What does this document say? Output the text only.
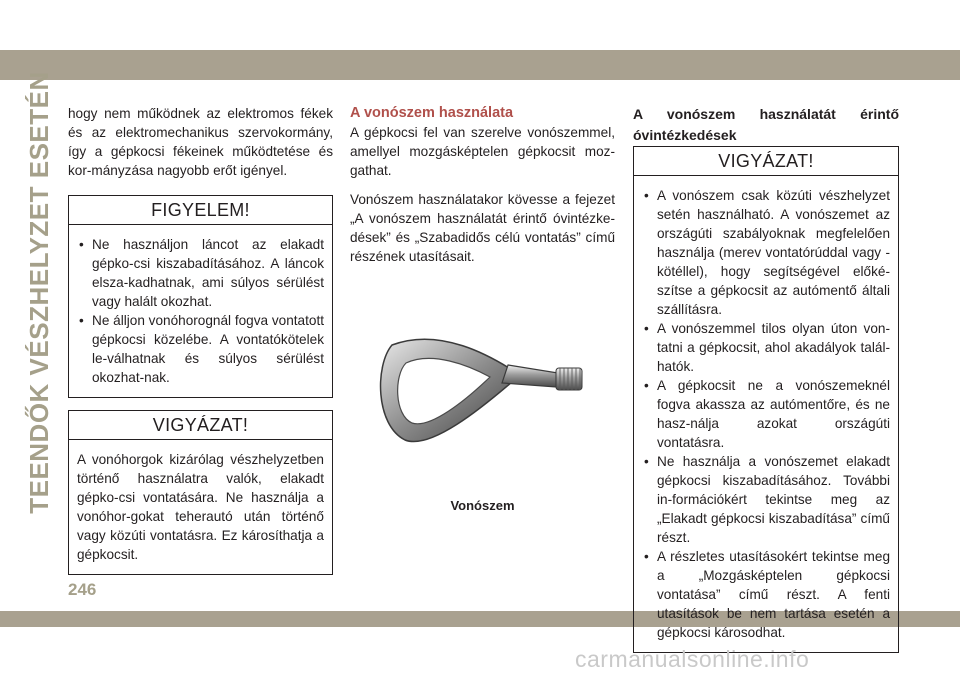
TEENDŐK VÉSZHELYZET ESETÉN
246

hogy nem működnek az elektromos fékek és az elektromechanikus szervokormány, így a gépkocsi fékeinek működtetése és kor-mányzása nagyobb erőt igényel.

FIGYELEM!
• Ne használjon láncot az elakadt gépko-csi kiszabadításához. A láncok elsza-kadhatnak, ami súlyos sérülést vagy halált okozhat.
• Ne álljon vonóhorognál fogva vontatott gépkocsi közelébe. A vontatókötelek le-válhatnak és súlyos sérülést okozhat-nak.
VIGYÁZAT!

A vonóhorgok kizárólag vészhelyzetben történő használatra valók, elakadt gépko-csi vontatására. Ne használja a vonóhor-gokat teherautó után történő vagy közúti vontatásra. Ez károsíthatja a gépkocsit.

A vonószem használata

A gépkocsi fel van szerelve vonószemmel, amellyel mozgásképtelen gépkocsit moz-gathat.

Vonószem használatakor kövesse a fejezet „A vonószem használatát érintő óvintézke-dések” és „Szabadidős célú vontatás” című részének utasításait.

Vonószem

A vonószem használatát érintő

óvintézkedések

VIGYÁZAT!
• A vonószem csak közúti vészhelyzet setén használható. A vonószemet az országúti szabályoknak megfelelően használja (merev vontatórúddal vagy -kötéllel), hogy segítségével előké-szítse a gépkocsit az autómentő általi szállításra.
• A vonószemmel tilos olyan úton von-tatni a gépkocsit, ahol akadályok talál-hatók.
• A gépkocsit ne a vonószemeknél fogva akassza az autómentőre, és ne hasz-nálja azokat országúti vontatásra.
• Ne használja a vonószemet elakadt gépkocsi kiszabadításához. További in-formációkért tekintse meg az „Elakadt gépkocsi kiszabadítása” című részt.
• A részletes utasításokért tekintse meg a „Mozgásképtelen gépkocsi vontatása” című részt. A fenti utasítások be nem tartása esetén a gépkocsi károsodhat.
carmanualsonline.info
